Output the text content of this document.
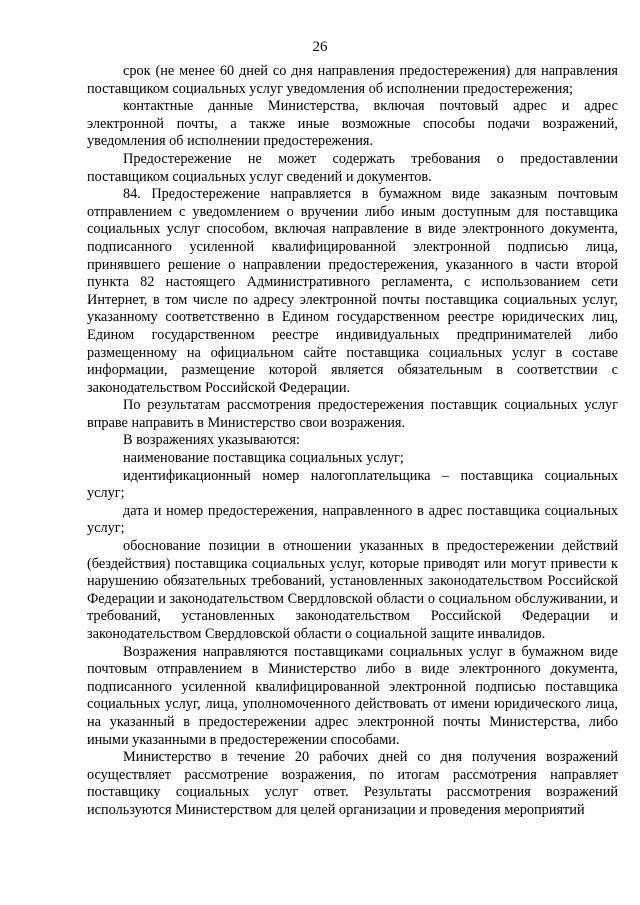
26

срок (не менее 60 дней со дня направления предостережения) для направления поставщиком социальных услуг уведомления об исполнении предостережения;

контактные данные Министерства, включая почтовый адрес и адрес электронной почты, а также иные возможные способы подачи возражений, уведомления об исполнении предостережения.

Предостережение не может содержать требования о предоставлении поставщиком социальных услуг сведений и документов.

84. Предостережение направляется в бумажном виде заказным почтовым отправлением с уведомлением о вручении либо иным доступным для поставщика социальных услуг способом, включая направление в виде электронного документа, подписанного усиленной квалифицированной электронной подписью лица, принявшего решение о направлении предостережения, указанного в части второй пункта 82 настоящего Административного регламента, с использованием сети Интернет, в том числе по адресу электронной почты поставщика социальных услуг, указанному соответственно в Едином государственном реестре юридических лиц, Едином государственном реестре индивидуальных предпринимателей либо размещенному на официальном сайте поставщика социальных услуг в составе информации, размещение которой является обязательным в соответствии с законодательством Российской Федерации.

По результатам рассмотрения предостережения поставщик социальных услуг вправе направить в Министерство свои возражения.

В возражениях указываются:

наименование поставщика социальных услуг;

идентификационный номер налогоплательщика – поставщика социальных услуг;

дата и номер предостережения, направленного в адрес поставщика социальных услуг;

обоснование позиции в отношении указанных в предостережении действий (бездействия) поставщика социальных услуг, которые приводят или могут привести к нарушению обязательных требований, установленных законодательством Российской Федерации и законодательством Свердловской области о социальном обслуживании, и требований, установленных законодательством Российской Федерации и законодательством Свердловской области о социальной защите инвалидов.

Возражения направляются поставщиками социальных услуг в бумажном виде почтовым отправлением в Министерство либо в виде электронного документа, подписанного усиленной квалифицированной электронной подписью поставщика социальных услуг, лица, уполномоченного действовать от имени юридического лица, на указанный в предостережении адрес электронной почты Министерства, либо иными указанными в предостережении способами.

Министерство в течение 20 рабочих дней со дня получения возражений осуществляет рассмотрение возражения, по итогам рассмотрения направляет поставщику социальных услуг ответ. Результаты рассмотрения возражений используются Министерством для целей организации и проведения мероприятий
